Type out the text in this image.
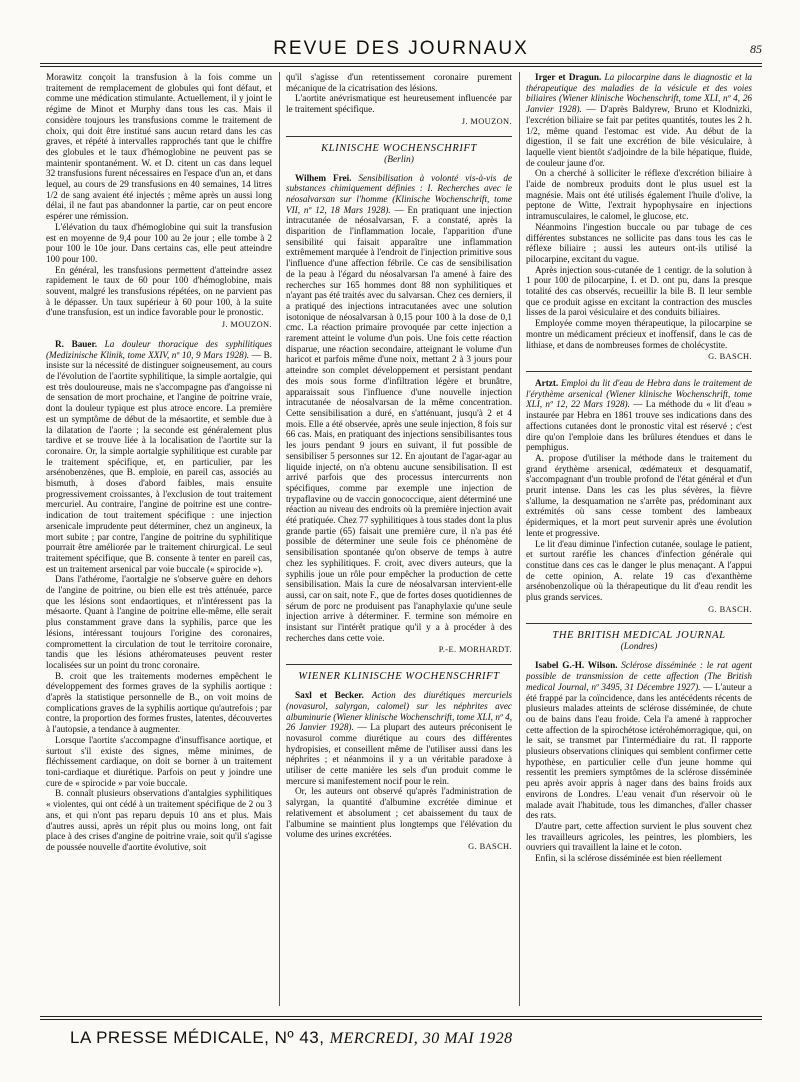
REVUE DES JOURNAUX	85

Morawitz conçoit la transfusion à la fois comme un traitement de remplacement de globules qui font défaut, et comme une médication stimulante. Actuellement, il y joint le régime de Minot et Murphy dans tous les cas. Mais il considère toujours les transfusions comme le traitement de choix, qui doit être institué sans aucun retard dans les cas graves, et répété à intervalles rapprochés tant que le chiffre des globules et le taux d'hémoglobine ne peuvent pas se maintenir spontanément. W. et D. citent un cas dans lequel 32 transfusions furent nécessaires en l'espace d'un an, et dans lequel, au cours de 29 transfusions en 40 semaines, 14 litres 1/2 de sang avaient été injectés ; même après un aussi long délai, il ne faut pas abandonner la partie, car on peut encore espérer une rémission.

L'élévation du taux d'hémoglobine qui suit la transfusion est en moyenne de 9,4 pour 100 au 2e jour ; elle tombe à 2 pour 100 le 10e jour. Dans certains cas, elle peut atteindre 100 pour 100.

En général, les transfusions permettent d'atteindre assez rapidement le taux de 60 pour 100 d'hémoglobine, mais souvent, malgré les transfusions répétées, on ne parvient pas à le dépasser. Un taux supérieur à 60 pour 100, à la suite d'une transfusion, est un indice favorable pour le pronostic.

J. MOUZON.

R. Bauer. La douleur thoracique des syphilitiques (Medizinische Klinik, tome XXIV, nº 10, 9 Mars 1928). — B. insiste sur la nécessité de distinguer soigneusement, au cours de l'évolution de l'aortite syphilitique, la simple aortalgie, qui est très douloureuse, mais ne s'accompagne pas d'angoisse ni de sensation de mort prochaine, et l'angine de poitrine vraie, dont la douleur typique est plus atroce encore. La première est un symptôme de début de la mésaortite, et semble due à la dilatation de l'aorte ; la seconde est généralement plus tardive et se trouve liée à la localisation de l'aortite sur la coronaire. Or, la simple aortalgie syphilitique est curable par le traitement spécifique, et, en particulier, par les arsénobenzènes, que B. emploie, en pareil cas, associés au bismuth, à doses d'abord faibles, mais ensuite progressivement croissantes, à l'exclusion de tout traitement mercuriel. Au contraire, l'angine de poitrine est une contre-indication de tout traitement spécifique : une injection arsenicale imprudente peut déterminer, chez un angineux, la mort subite ; par contre, l'angine de poitrine du syphilitique pourrait être améliorée par le traitement chirurgical. Le seul traitement spécifique, que B. consente à tenter en pareil cas, est un traitement arsenical par voie buccale (« spirocide »).

Dans l'athérome, l'aortalgie ne s'observe guère en dehors de l'angine de poitrine, ou bien elle est très atténuée, parce que les lésions sont endaortiques, et n'intéressent pas la mésaorte. Quant à l'angine de poitrine elle-même, elle serait plus constamment grave dans la syphilis, parce que les lésions, intéressant toujours l'origine des coronaires, compromettent la circulation de tout le territoire coronaire, tandis que les lésions athéromateuses peuvent rester localisées sur un point du tronc coronaire.

B. croit que les traitements modernes empêchent le développement des formes graves de la syphilis aortique : d'après la statistique personnelle de B., on voit moins de complications graves de la syphilis aortique qu'autrefois ; par contre, la proportion des formes frustes, latentes, découvertes à l'autopsie, a tendance à augmenter.

Lorsque l'aortite s'accompagne d'insuffisance aortique, et surtout s'il existe des signes, même minimes, de fléchissement cardiaque, on doit se borner à un traitement toni-cardiaque et diurétique. Parfois on peut y joindre une cure de « spirocide » par voie buccale.

B. connaît plusieurs observations d'antalgies syphilitiques « violentes, qui ont cédé à un traitement spécifique de 2 ou 3 ans, et qui n'ont pas reparu depuis 10 ans et plus. Mais d'autres aussi, après un répit plus ou moins long, ont fait place à des crises d'angine de poitrine vraie, soit qu'il s'agisse de poussée nouvelle d'aortite évolutive, soit

qu'il s'agisse d'un retentissement coronaire purement mécanique de la cicatrisation des lésions.

L'aortite anévrismatique est heureusement influencée par le traitement spécifique.

J. MOUZON.

KLINISCHE WOCHENSCHRIFT
(Berlin)

Wilhem Frei. Sensibilisation à volonté vis-à-vis de substances chimiquement définies : I. Recherches avec le néosalvarsan sur l'homme (Klinische Wochenschrift, tome VII, nº 12, 18 Mars 1928). — En pratiquant une injection intracutanée de néosalvarsan, F. a constaté, après la disparition de l'inflammation locale, l'apparition d'une sensibilité qui faisait apparaître une inflammation extrêmement marquée à l'endroit de l'injection primitive sous l'influence d'une affection fébrile. Ce cas de sensibilisation de la peau à l'égard du néosalvarsan l'a amené à faire des recherches sur 165 hommes dont 88 non syphilitiques et n'ayant pas été traités avec du salvarsan. Chez ces derniers, il a pratiqué des injections intracutanées avec une solution isotonique de néosalvarsan à 0,15 pour 100 à la dose de 0,1 cmc. La réaction primaire provoquée par cette injection a rarement atteint le volume d'un pois. Une fois cette réaction disparue, une réaction secondaire, atteignant le volume d'un haricot et parfois même d'une noix, mettant 2 à 3 jours pour atteindre son complet développement et persistant pendant des mois sous forme d'infiltration légère et brunâtre, apparaissait sous l'influence d'une nouvelle injection intracutanée de néosalvarsan de la même concentration. Cette sensibilisation a duré, en s'atténuant, jusqu'à 2 et 4 mois. Elle a été observée, après une seule injection, 8 fois sur 66 cas. Mais, en pratiquant des injections sensibilisantes tous les jours pendant 9 jours en suivant, il fut possible de sensibiliser 5 personnes sur 12. En ajoutant de l'agar-agar au liquide injecté, on n'a obtenu aucune sensibilisation. Il est arrivé parfois que des processus intercurrents non spécifiques, comme par exemple une injection de trypaflavine ou de vaccin gonococcique, aient déterminé une réaction au niveau des endroits où la première injection avait été pratiquée. Chez 77 syphilitiques à tous stades dont la plus grande partie (65) faisait une première cure, il n'a pas été possible de déterminer une seule fois ce phénomène de sensibilisation spontanée qu'on observe de temps à autre chez les syphilitiques. F. croit, avec divers auteurs, que la syphilis joue un rôle pour empêcher la production de cette sensibilisation. Mais la cure de néosalvarsan intervient-elle aussi, car on sait, note F., que de fortes doses quotidiennes de sérum de porc ne produisent pas l'anaphylaxie qu'une seule injection arrive à déterminer. F. termine son mémoire en insistant sur l'intérêt pratique qu'il y a à procéder à des recherches dans cette voie.

P.-E. MORHARDT.

WIENER KLINISCHE WOCHENSCHRIFT

Saxl et Becker. Action des diurétiques mercuriels (novasurol, salyrgan, calomel) sur les néphrites avec albuminurie (Wiener klinische Wochenschrift, tome XLI, nº 4, 26 Janvier 1928). — La plupart des auteurs préconisent le novasurol comme diurétique au cours des différentes hydropisies, et conseillent même de l'utiliser aussi dans les néphrites ; et néanmoins il y a un véritable paradoxe à utiliser de cette manière les sels d'un produit comme le mercure si manifestement nocif pour le rein.

Or, les auteurs ont observé qu'après l'administration de salyrgan, la quantité d'albumine excrétée diminue et relativement et absolument ; cet abaissement du taux de l'albumine se maintient plus longtemps que l'élévation du volume des urines excrétées.

G. BASCH.

Irger et Dragun. La pilocarpine dans le diagnostic et la thérapeutique des maladies de la vésicule et des voies biliaires (Wiener klinische Wochenschrift, tome XLI, nº 4, 26 Janvier 1928). — D'après Baldyrew, Bruno et Klodnizki, l'excrétion biliaire se fait par petites quantités, toutes les 2 h. 1/2, même quand l'estomac est vide. Au début de la digestion, il se fait une excrétion de bile vésiculaire, à laquelle vient bientôt s'adjoindre de la bile hépatique, fluide, de couleur jaune d'or.

On a cherché à solliciter le réflexe d'excrétion biliaire à l'aide de nombreux produits dont le plus usuel est la magnésie. Mais ont été utilisés également l'huile d'olive, la peptone de Witte, l'extrait hypophysaire en injections intramusculaires, le calomel, le glucose, etc.

Néanmoins l'ingestion buccale ou par tubage de ces différentes substances ne sollicite pas dans tous les cas le réflexe biliaire ; aussi les auteurs ont-ils utilisé la pilocarpine, excitant du vague.

Après injection sous-cutanée de 1 centigr. de la solution à 1 pour 100 de pilocarpine, I. et D. ont pu, dans la presque totalité des cas observés, recueillir la bile B. Il leur semble que ce produit agisse en excitant la contraction des muscles lisses de la paroi vésiculaire et des conduits biliaires.

Employée comme moyen thérapeutique, la pilocarpine se montre un médicament précieux et inoffensif, dans le cas de lithiase, et dans de nombreuses formes de cholécystite.

G. BASCH.

Artzt. Emploi du lit d'eau de Hebra dans le traitement de l'érythème arsenical (Wiener klinische Wochenschrift, tome XLI, nº 12, 22 Mars 1928). — La méthode du « lit d'eau » instaurée par Hebra en 1861 trouve ses indications dans des affections cutanées dont le pronostic vital est réservé ; c'est dire qu'on l'emploie dans les brûlures étendues et dans le pemphigus.

A. propose d'utiliser la méthode dans le traitement du grand érythème arsenical, œdémateux et desquamatif, s'accompagnant d'un trouble profond de l'état général et d'un prurit intense. Dans les cas les plus sévères, la fièvre s'allume, la desquamation ne s'arrête pas, prédominant aux extrémités où sans cesse tombent des lambeaux épidermiques, et la mort peut survenir après une évolution lente et progressive.

Le lit d'eau diminue l'infection cutanée, soulage le patient, et surtout raréfie les chances d'infection générale qui constitue dans ces cas le danger le plus menaçant. A l'appui de cette opinion, A. relate 19 cas d'exanthème arsénobenzolique où la thérapeutique du lit d'eau rendit les plus grands services.

G. BASCH.

THE BRITISH MEDICAL JOURNAL
(Londres)

Isabel G.-H. Wilson. Sclérose disséminée : le rat agent possible de transmission de cette affection (The British medical Journal, nº 3495, 31 Décembre 1927). — L'auteur a été frappé par la coïncidence, dans les antécédents récents de plusieurs malades atteints de sclérose disséminée, de chute ou de bains dans l'eau froide. Cela l'a amené à rapprocher cette affection de la spirochétose ictérohémorragique, qui, on le sait, se transmet par l'intermédiaire du rat. Il rapporte plusieurs observations cliniques qui semblent confirmer cette hypothèse, en particulier celle d'un jeune homme qui ressentit les premiers symptômes de la sclérose disséminée peu après avoir appris à nager dans des bains froids aux environs de Londres. L'eau venait d'un réservoir où le malade avait l'habitude, tous les dimanches, d'aller chasser des rats.

D'autre part, cette affection survient le plus souvent chez les travailleurs agricoles, les peintres, les plombiers, les ouvriers qui travaillent la laine et le coton.

Enfin, si la sclérose disséminée est bien réellement

LA PRESSE MÉDICALE, Nº 43, MERCREDI, 30 MAI 1928
